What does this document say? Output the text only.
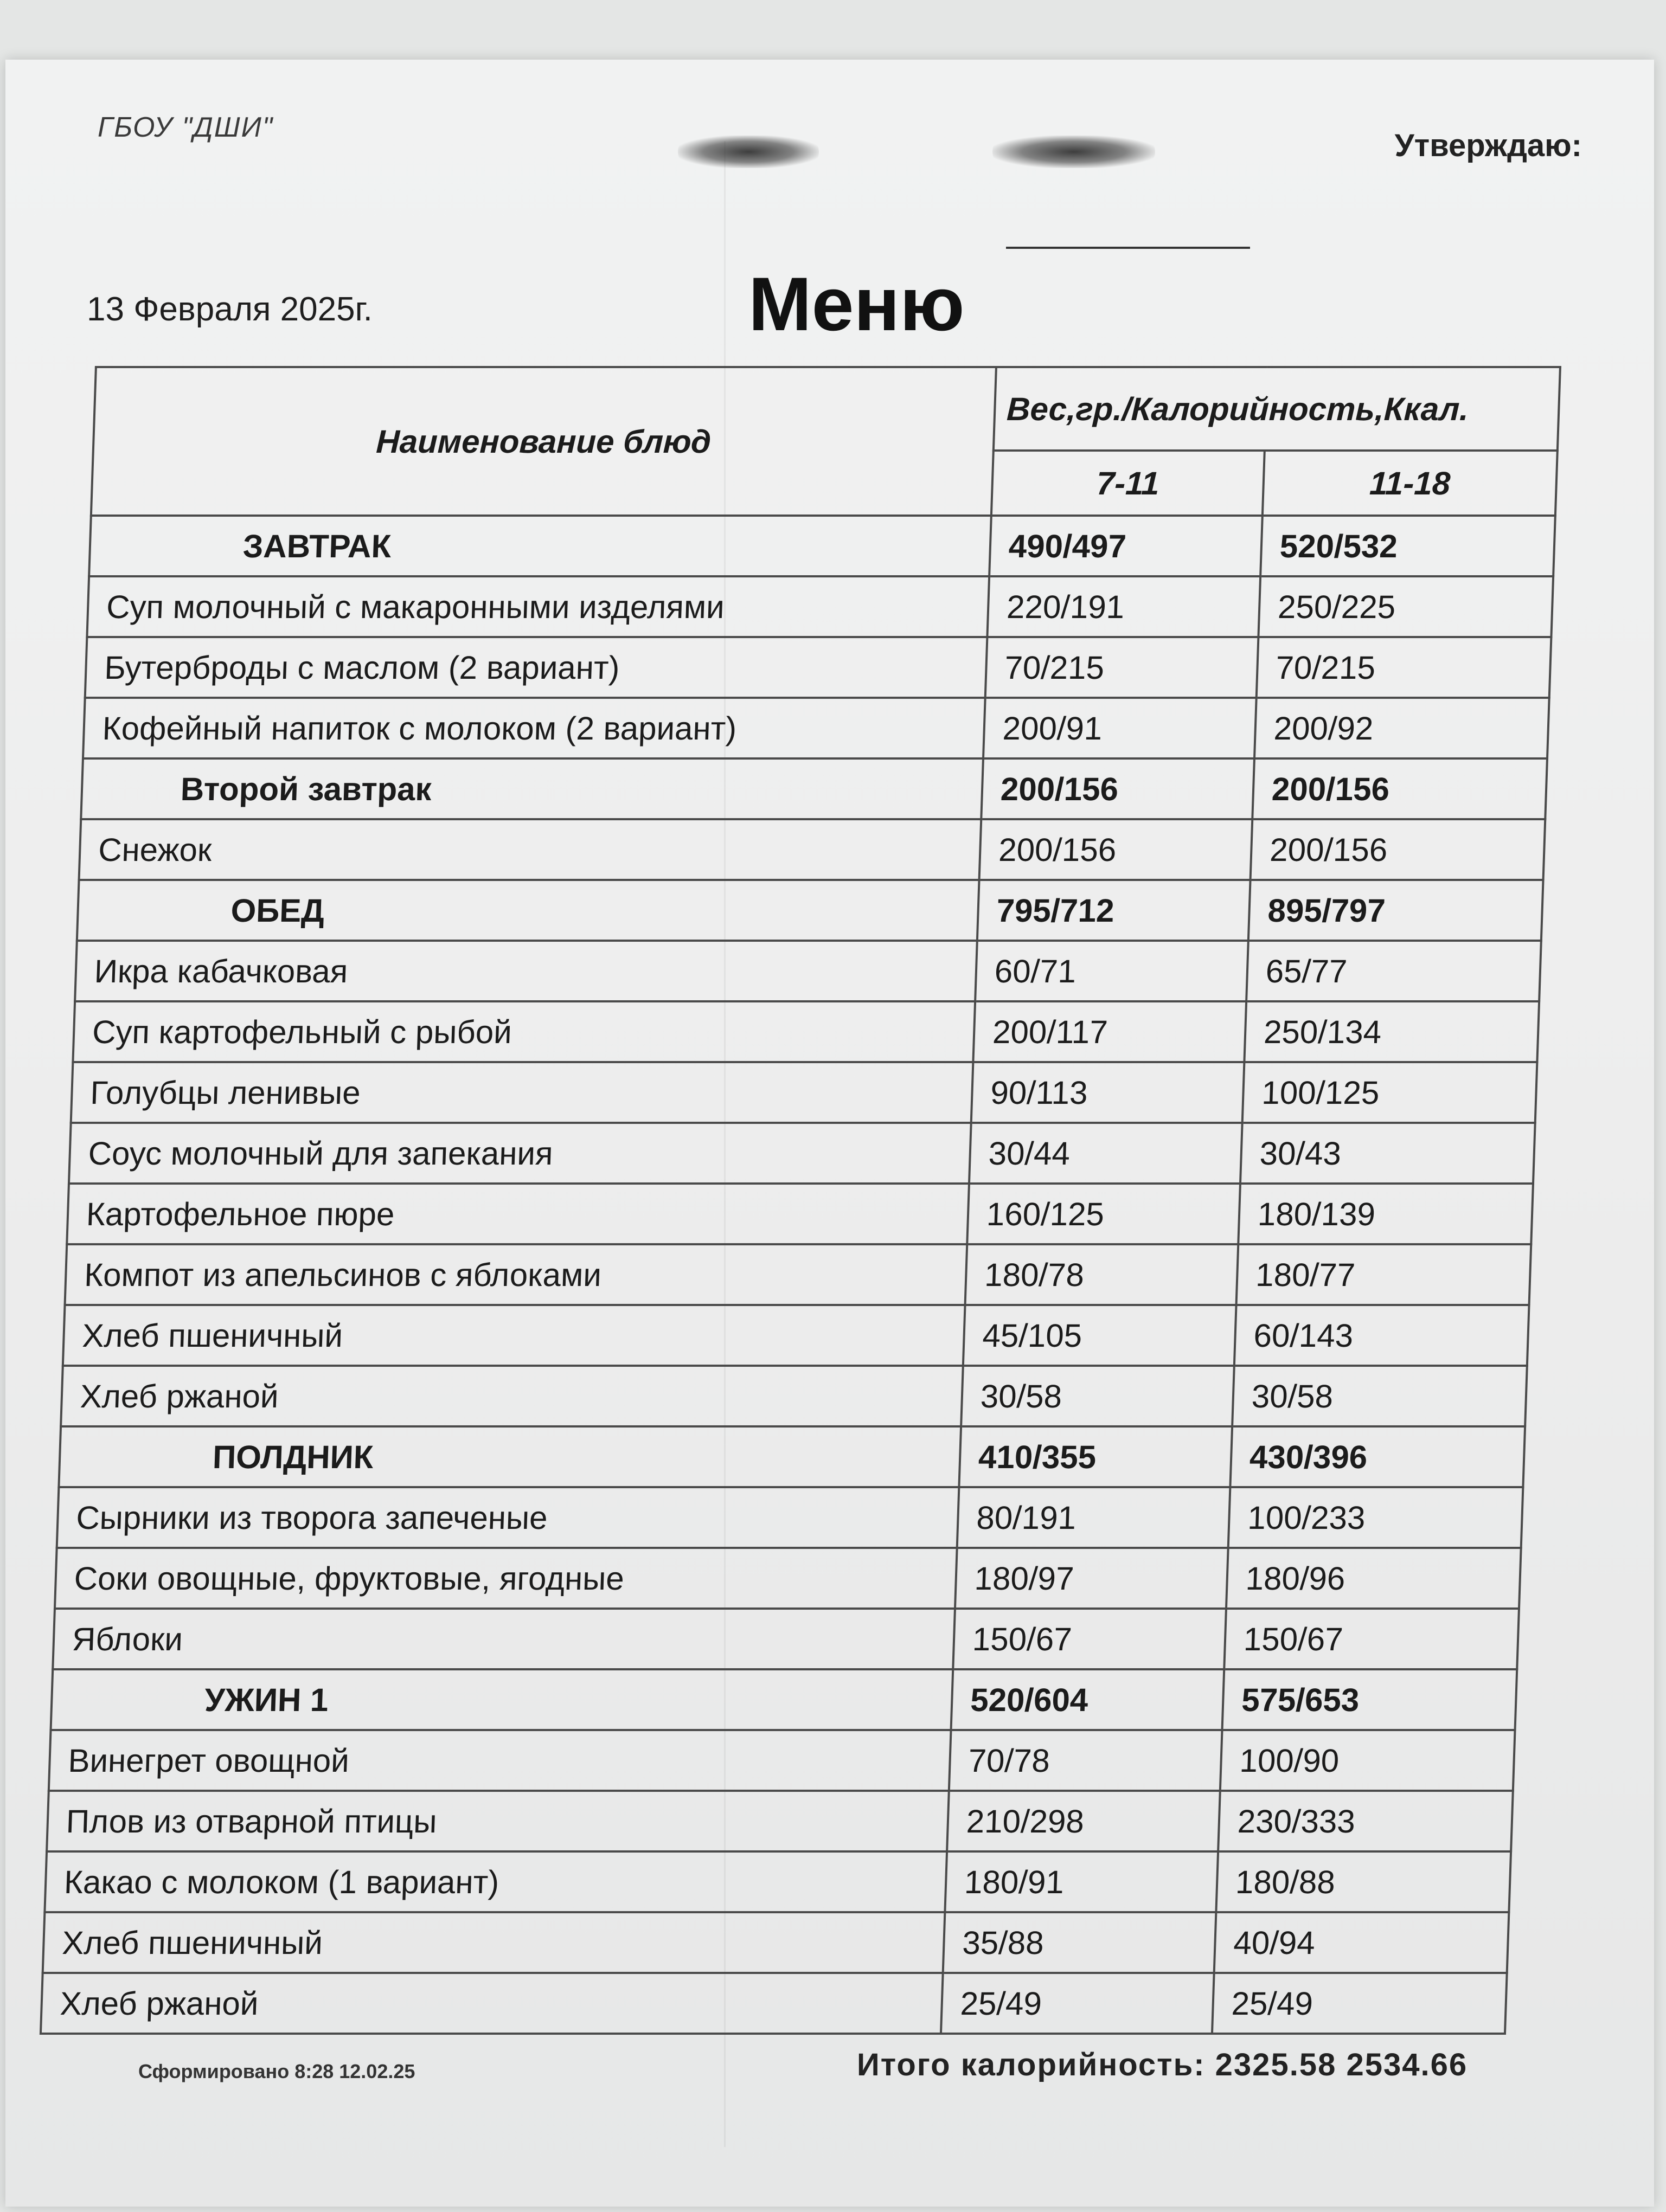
ГБОУ "ДШИ"
Утверждаю:
13 Февраля 2025г.	Меню
Наименование блюд	Вес,гр./Калорийность,Ккал.	
	7-11	11-18
ЗАВТРАК	490/497	520/532
Суп молочный с макаронными изделями	220/191	250/225
Бутерброды с маслом (2 вариант)	70/215	70/215
Кофейный напиток с молоком (2 вариант)	200/91	200/92
Второй завтрак	200/156	200/156
Снежок	200/156	200/156
ОБЕД	795/712	895/797
Икра кабачковая	60/71	65/77
Суп картофельный с рыбой	200/117	250/134
Голубцы ленивые	90/113	100/125
Соус молочный для запекания	30/44	30/43
Картофельное пюре	160/125	180/139
Компот из апельсинов с яблоками	180/78	180/77
Хлеб пшеничный	45/105	60/143
Хлеб ржаной	30/58	30/58
ПОЛДНИК	410/355	430/396
Сырники из творога запеченые	80/191	100/233
Соки овощные, фруктовые, ягодные	180/97	180/96
Яблоки	150/67	150/67
УЖИН 1	520/604	575/653
Винегрет овощной	70/78	100/90
Плов из отварной птицы	210/298	230/333
Какао с молоком (1 вариант)	180/91	180/88
Хлеб пшеничный	35/88	40/94
Хлеб ржаной	25/49	25/49
Сформировано 8:28 12.02.25	Итого калорийность: 2325.58 2534.66
